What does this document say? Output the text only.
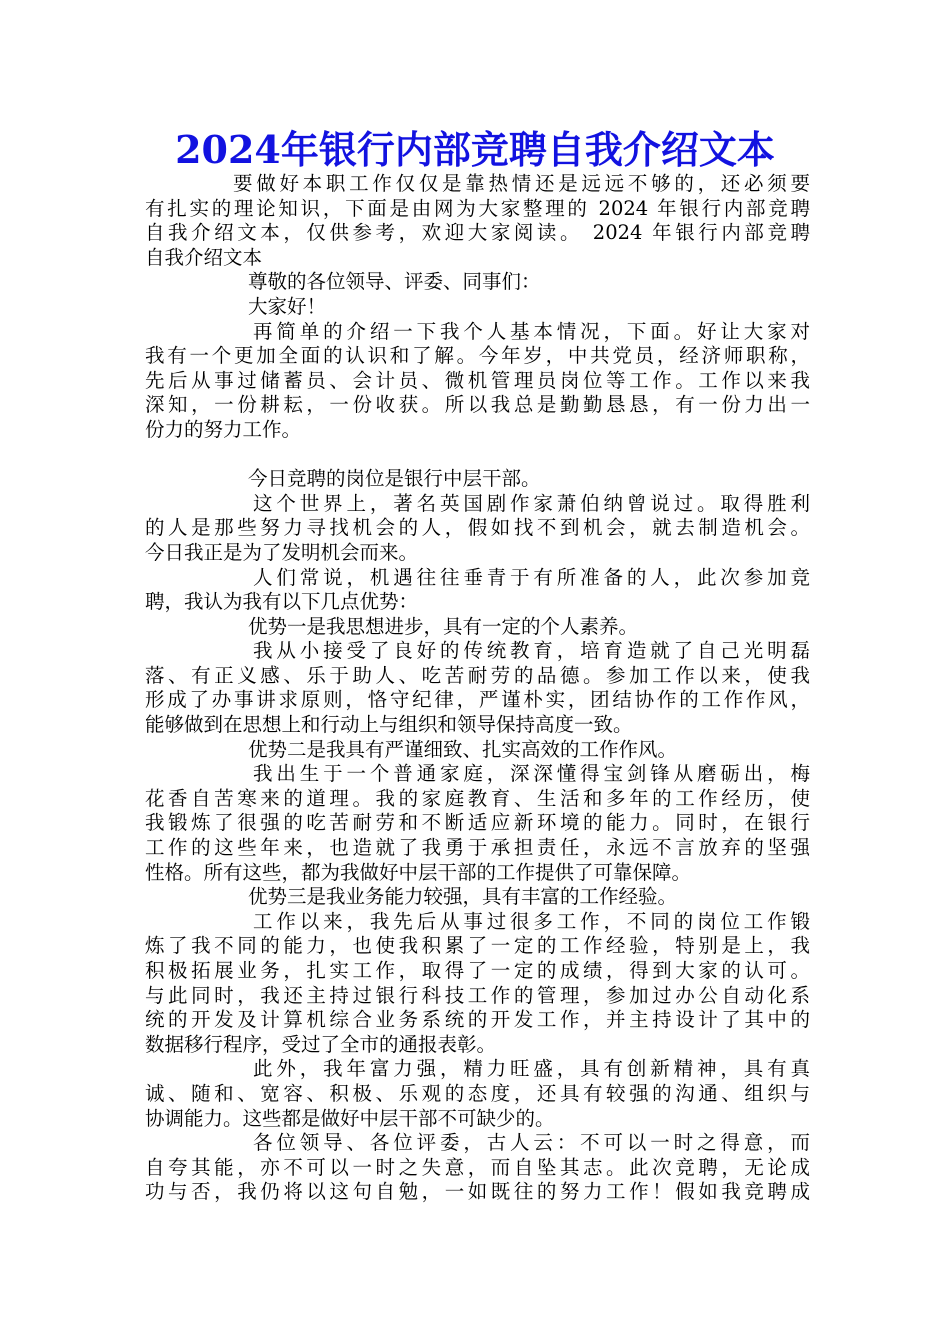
2024年银行内部竞聘自我介绍文本
要做好本职工作仅仅是靠热情还是远远不够的，还必须要
有扎实的理论知识，下面是由网为大家整理的 2024 年银行内部竞聘
自我介绍文本，仅供参考，欢迎大家阅读。 2024 年银行内部竞聘
自我介绍文本
尊敬的各位领导、评委、同事们：
大家好！
再简单的介绍一下我个人基本情况，下面。好让大家对
我有一个更加全面的认识和了解。今年岁，中共党员，经济师职称，
先后从事过储蓄员、会计员、微机管理员岗位等工作。工作以来我
深知，一份耕耘，一份收获。所以我总是勤勤恳恳，有一份力出一
份力的努力工作。
今日竞聘的岗位是银行中层干部。
这个世界上，著名英国剧作家萧伯纳曾说过。取得胜利
的人是那些努力寻找机会的人，假如找不到机会，就去制造机会。
今日我正是为了发明机会而来。
人们常说，机遇往往垂青于有所准备的人，此次参加竞
聘，我认为我有以下几点优势：
优势一是我思想进步，具有一定的个人素养。
我从小接受了良好的传统教育，培育造就了自己光明磊
落、有正义感、乐于助人、吃苦耐劳的品德。参加工作以来，使我
形成了办事讲求原则，恪守纪律，严谨朴实，团结协作的工作作风，
能够做到在思想上和行动上与组织和领导保持高度一致。
优势二是我具有严谨细致、扎实高效的工作作风。
我出生于一个普通家庭，深深懂得宝剑锋从磨砺出，梅
花香自苦寒来的道理。我的家庭教育、生活和多年的工作经历，使
我锻炼了很强的吃苦耐劳和不断适应新环境的能力。同时，在银行
工作的这些年来，也造就了我勇于承担责任，永远不言放弃的坚强
性格。所有这些，都为我做好中层干部的工作提供了可靠保障。
优势三是我业务能力较强，具有丰富的工作经验。
工作以来，我先后从事过很多工作，不同的岗位工作锻
炼了我不同的能力，也使我积累了一定的工作经验，特别是上，我
积极拓展业务，扎实工作，取得了一定的成绩，得到大家的认可。
与此同时，我还主持过银行科技工作的管理，参加过办公自动化系
统的开发及计算机综合业务系统的开发工作，并主持设计了其中的
数据移行程序，受过了全市的通报表彰。
此外，我年富力强，精力旺盛，具有创新精神，具有真
诚、随和、宽容、积极、乐观的态度，还具有较强的沟通、组织与
协调能力。这些都是做好中层干部不可缺少的。
各位领导、各位评委，古人云：不可以一时之得意，而
自夸其能，亦不可以一时之失意，而自坠其志。此次竞聘，无论成
功与否，我仍将以这句自勉，一如既往的努力工作！假如我竞聘成
